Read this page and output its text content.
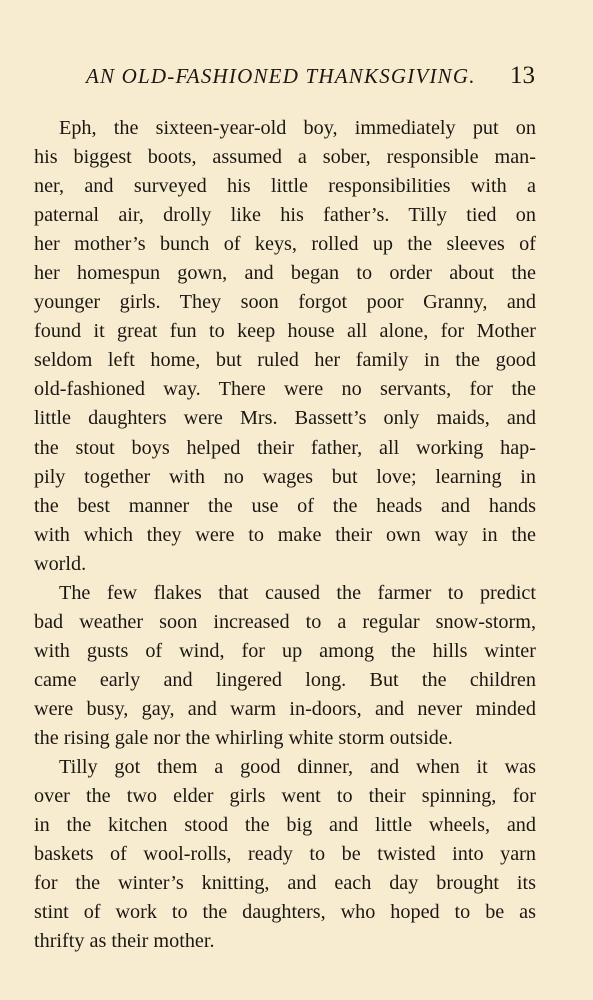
AN OLD-FASHIONED THANKSGIVING. 13
Eph, the sixteen-year-old boy, immediately put on
his biggest boots, assumed a sober, responsible man-
ner, and surveyed his little responsibilities with a
paternal air, drolly like his father’s. Tilly tied on
her mother’s bunch of keys, rolled up the sleeves of
her homespun gown, and began to order about the
younger girls. They soon forgot poor Granny, and
found it great fun to keep house all alone, for Mother
seldom left home, but ruled her family in the good
old-fashioned way. There were no servants, for the
little daughters were Mrs. Bassett’s only maids, and
the stout boys helped their father, all working hap-
pily together with no wages but love; learning in
the best manner the use of the heads and hands
with which they were to make their own way in the
world.
The few flakes that caused the farmer to predict
bad weather soon increased to a regular snow-storm,
with gusts of wind, for up among the hills winter
came early and lingered long. But the children
were busy, gay, and warm in-doors, and never minded
the rising gale nor the whirling white storm outside.
Tilly got them a good dinner, and when it was
over the two elder girls went to their spinning, for
in the kitchen stood the big and little wheels, and
baskets of wool-rolls, ready to be twisted into yarn
for the winter’s knitting, and each day brought its
stint of work to the daughters, who hoped to be as
thrifty as their mother.
